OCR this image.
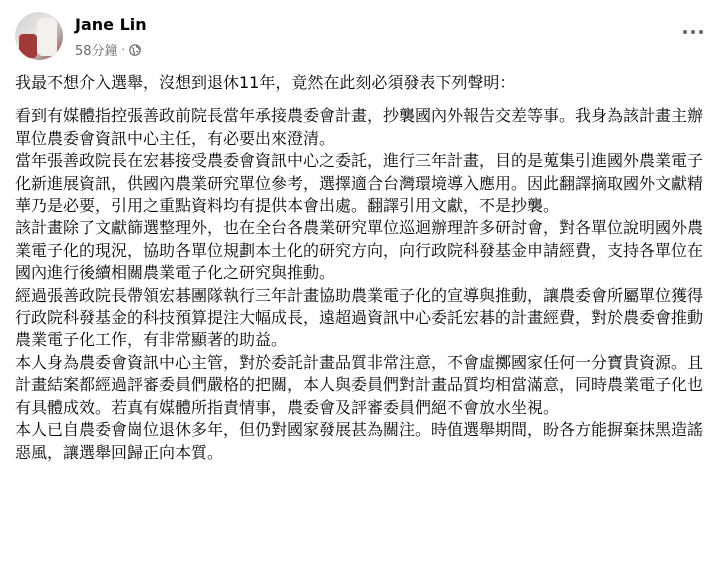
Jane Lin
58分鐘 ·

我最不想介入選舉，沒想到退休11年，竟然在此刻必須發表下列聲明：

看到有媒體指控張善政前院長當年承接農委會計畫，抄襲國內外報告交差等事。我身為該計畫主辦單位農委會資訊中心主任，有必要出來澄清。

當年張善政院長在宏碁接受農委會資訊中心之委託，進行三年計畫，目的是蒐集引進國外農業電子化新進展資訊，供國內農業研究單位參考，選擇適合台灣環境導入應用。因此翻譯摘取國外文獻精華乃是必要，引用之重點資料均有提供本會出處。翻譯引用文獻，不是抄襲。

該計畫除了文獻篩選整理外，也在全台各農業研究單位巡迴辦理許多研討會，對各單位說明國外農業電子化的現況，協助各單位規劃本土化的研究方向，向行政院科發基金申請經費，支持各單位在國內進行後續相關農業電子化之研究與推動。

經過張善政院長帶領宏碁團隊執行三年計畫協助農業電子化的宣導與推動，讓農委會所屬單位獲得行政院科發基金的科技預算提注大幅成長，遠超過資訊中心委託宏碁的計畫經費，對於農委會推動農業電子化工作，有非常顯著的助益。

本人身為農委會資訊中心主管，對於委託計畫品質非常注意，不會虛擲國家任何一分寶貴資源。且計畫結案都經過評審委員們嚴格的把關，本人與委員們對計畫品質均相當滿意，同時農業電子化也有具體成效。若真有媒體所指責情事，農委會及評審委員們絕不會放水坐視。

本人已自農委會崗位退休多年，但仍對國家發展甚為關注。時值選舉期間，盼各方能摒棄抹黑造謠惡風，讓選舉回歸正向本質。
